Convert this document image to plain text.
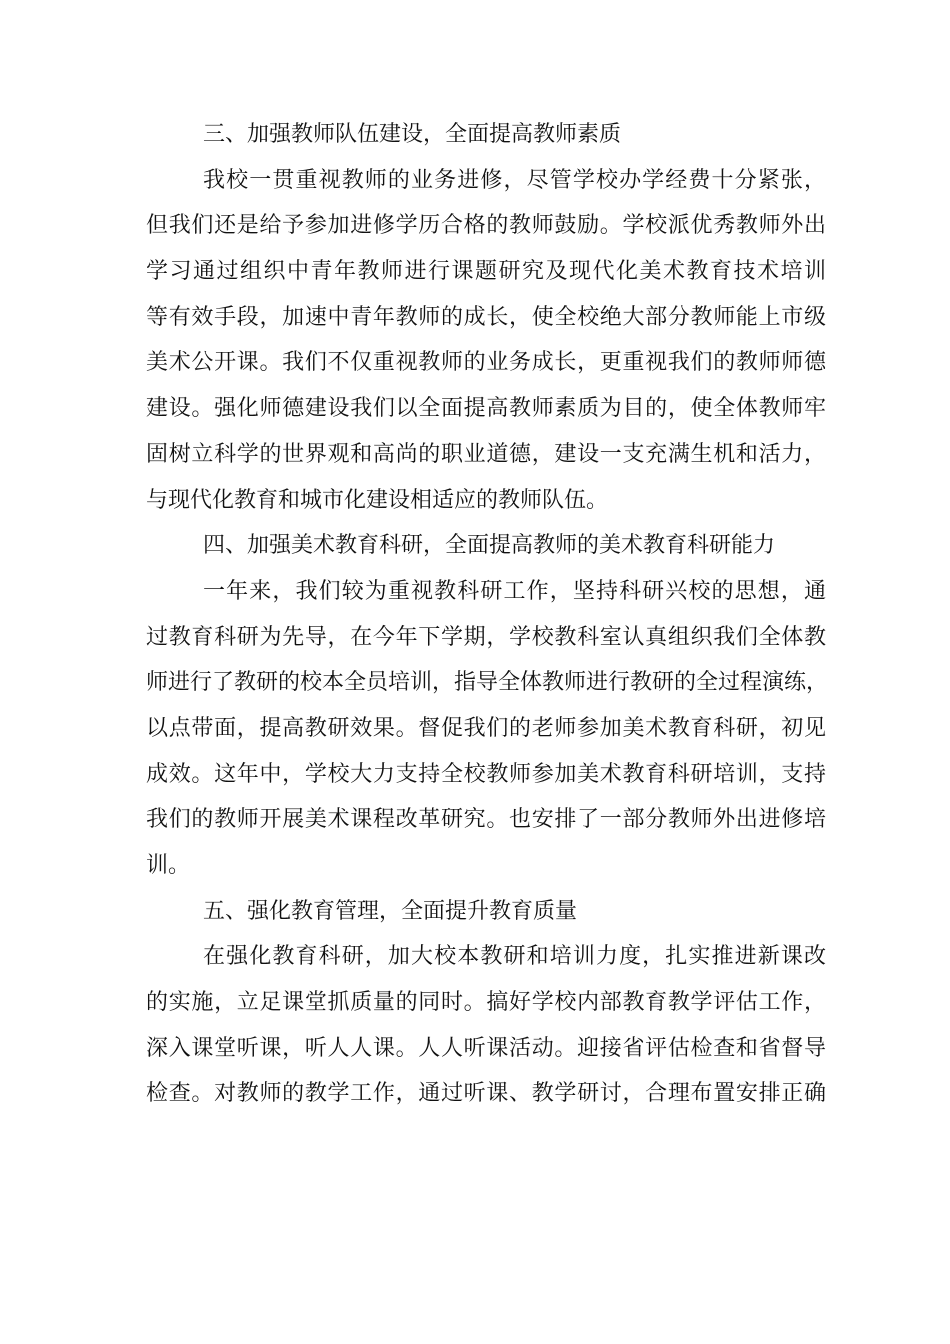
三、加强教师队伍建设，全面提高教师素质
我校一贯重视教师的业务进修，尽管学校办学经费十分紧张，
但我们还是给予参加进修学历合格的教师鼓励。学校派优秀教师外出
学习通过组织中青年教师进行课题研究及现代化美术教育技术培训
等有效手段，加速中青年教师的成长，使全校绝大部分教师能上市级
美术公开课。我们不仅重视教师的业务成长，更重视我们的教师师德
建设。强化师德建设我们以全面提高教师素质为目的，使全体教师牢
固树立科学的世界观和高尚的职业道德，建设一支充满生机和活力，
与现代化教育和城市化建设相适应的教师队伍。
四、加强美术教育科研，全面提高教师的美术教育科研能力
一年来，我们较为重视教科研工作，坚持科研兴校的思想，通
过教育科研为先导，在今年下学期，学校教科室认真组织我们全体教
师进行了教研的校本全员培训，指导全体教师进行教研的全过程演练，
以点带面，提高教研效果。督促我们的老师参加美术教育科研，初见
成效。这年中，学校大力支持全校教师参加美术教育科研培训，支持
我们的教师开展美术课程改革研究。也安排了一部分教师外出进修培
训。
五、强化教育管理，全面提升教育质量
在强化教育科研，加大校本教研和培训力度，扎实推进新课改
的实施，立足课堂抓质量的同时。搞好学校内部教育教学评估工作，
深入课堂听课，听人人课。人人听课活动。迎接省评估检查和省督导
检查。对教师的教学工作，通过听课、教学研讨，合理布置安排正确
